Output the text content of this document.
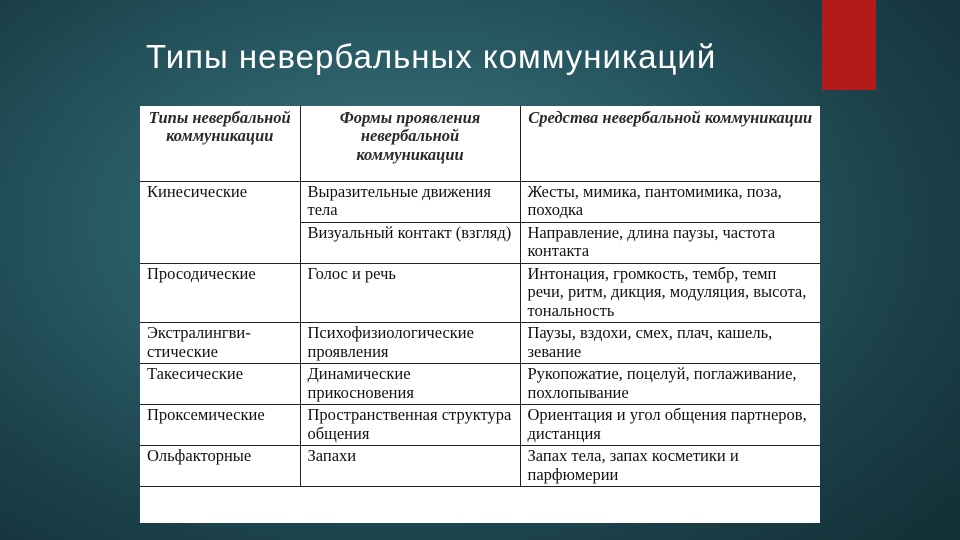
Типы невербальных коммуникаций
Типы невербальной коммуникации	Формы проявления невербальной коммуникации	Средства невербальной коммуникации
Кинесические	Выразительные движения тела	Жесты, мимика, пантомимика, поза, походка
	Визуальный контакт (взгляд)	Направление, длина паузы, частота контакта
Просодические	Голос и речь	Интонация, громкость, тембр, темп речи, ритм, дикция, модуляция, высота, тональность
Экстралингвистические	Психофизиологические проявления	Паузы, вздохи, смех, плач, кашель, зевание
Такесические	Динамические прикосновения	Рукопожатие, поцелуй, поглаживание, похлопывание
Проксемические	Пространственная структура общения	Ориентация и угол общения партнеров, дистанция
Ольфакторные	Запахи	Запах тела, запах косметики и парфюмерии
